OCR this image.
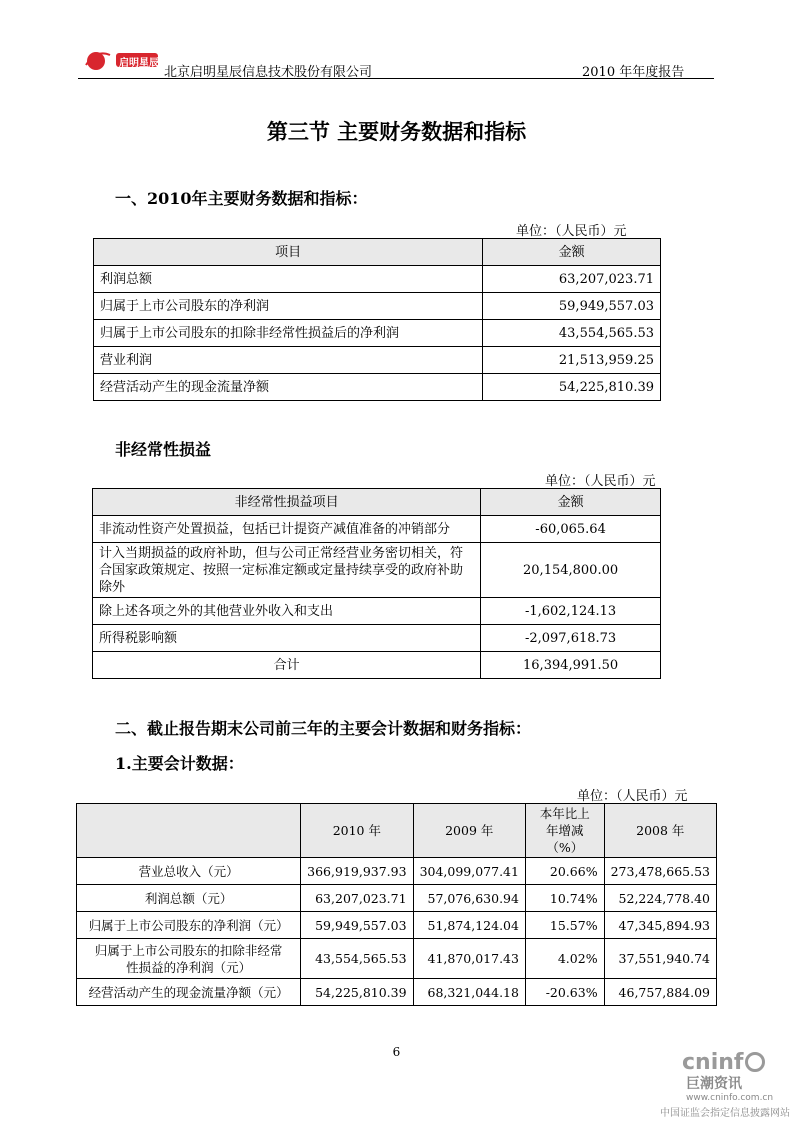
启明星辰
北京启明星辰信息技术股份有限公司	2010 年年度报告
第三节 主要财务数据和指标
一、2010年主要财务数据和指标：
单位：（人民币）元
项目	金额
利润总额	63,207,023.71
归属于上市公司股东的净利润	59,949,557.03
归属于上市公司股东的扣除非经常性损益后的净利润	43,554,565.53
营业利润	21,513,959.25
经营活动产生的现金流量净额	54,225,810.39
非经常性损益
单位：（人民币）元
非经常性损益项目	金额
非流动性资产处置损益，包括已计提资产减值准备的冲销部分	-60,065.64
计入当期损益的政府补助，但与公司正常经营业务密切相关，符合国家政策规定、按照一定标准定额或定量持续享受的政府补助除外	20,154,800.00
除上述各项之外的其他营业外收入和支出	-1,602,124.13
所得税影响额	-2,097,618.73
合计	16,394,991.50
二、截止报告期末公司前三年的主要会计数据和财务指标：
1.主要会计数据：
单位：（人民币）元
	2010 年	2009 年	本年比上年增减（%）	2008 年
营业总收入（元）	366,919,937.93	304,099,077.41	20.66%	273,478,665.53
利润总额（元）	63,207,023.71	57,076,630.94	10.74%	52,224,778.40
归属于上市公司股东的净利润（元）	59,949,557.03	51,874,124.04	15.57%	47,345,894.93
归属于上市公司股东的扣除非经常性损益的净利润（元）	43,554,565.53	41,870,017.43	4.02%	37,551,940.74
经营活动产生的现金流量净额（元）	54,225,810.39	68,321,044.18	-20.63%	46,757,884.09
6	cninf
巨潮资讯
www.cninfo.com.cn
中国证监会指定信息披露网站
